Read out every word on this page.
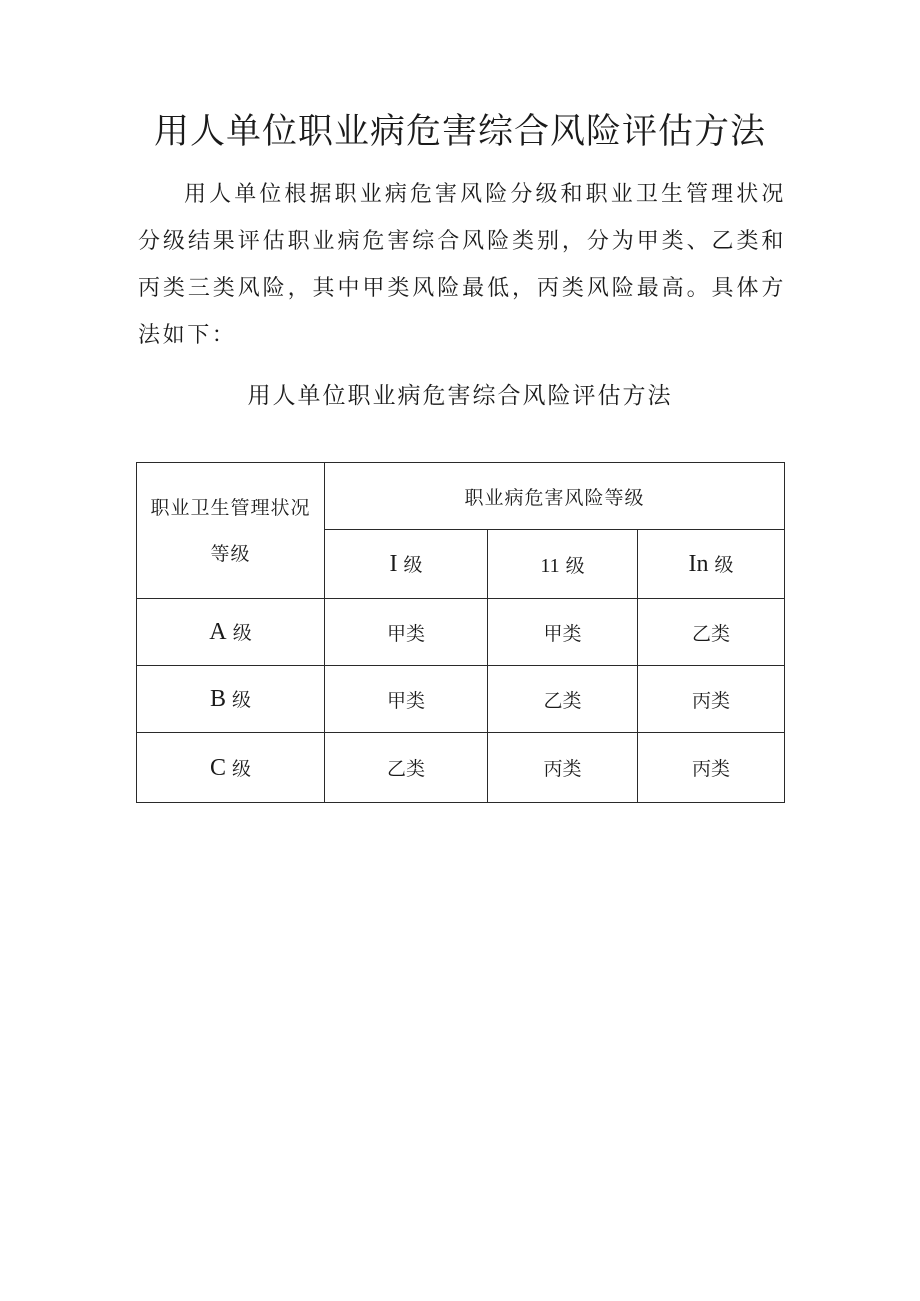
用人单位职业病危害综合风险评估方法

用人单位根据职业病危害风险分级和职业卫生管理状况分级结果评估职业病危害综合风险类别，分为甲类、乙类和丙类三类风险，其中甲类风险最低，丙类风险最高。具体方法如下：

用人单位职业病危害综合风险评估方法
职业卫生管理状况
等级	职业病危害风险等级		
	I 级	11 级	In 级
A 级	甲类	甲类	乙类
B 级	甲类	乙类	丙类
C 级	乙类	丙类	丙类
